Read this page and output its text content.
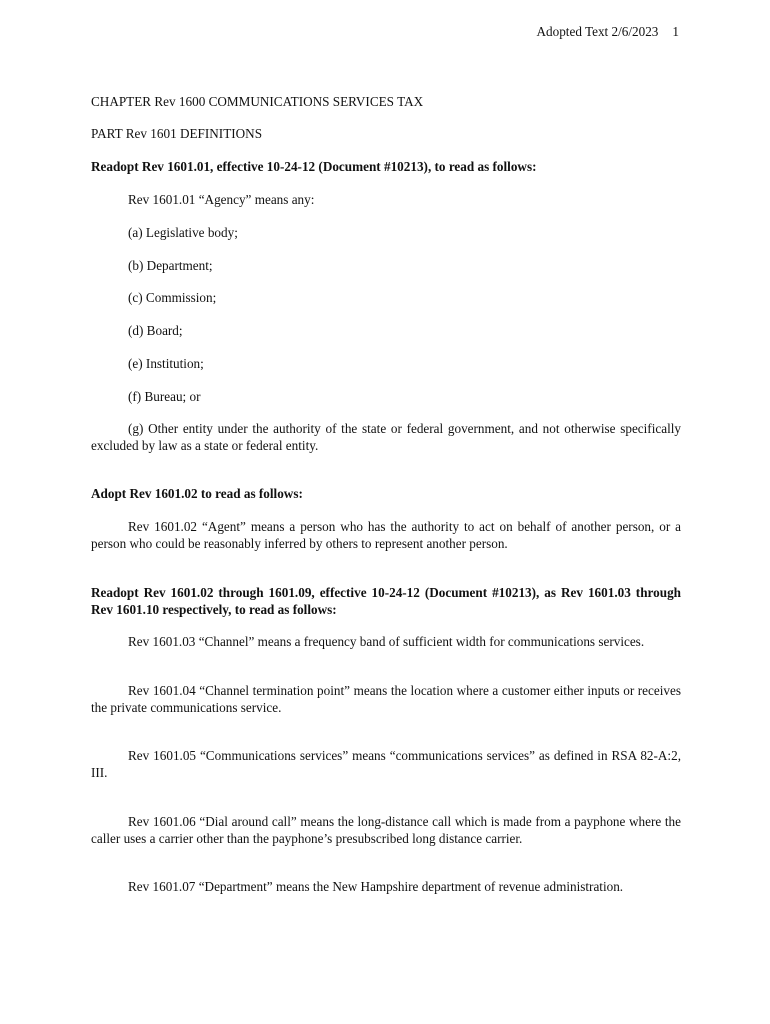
Adopted Text 2/6/2023 1
CHAPTER Rev 1600 COMMUNICATIONS SERVICES TAX
PART Rev 1601 DEFINITIONS
Readopt Rev 1601.01, effective 10-24-12 (Document #10213), to read as follows:
Rev 1601.01 “Agency” means any:
(a) Legislative body;
(b) Department;
(c) Commission;
(d) Board;
(e) Institution;
(f) Bureau; or
(g) Other entity under the authority of the state or federal government, and not otherwise specifically excluded by law as a state or federal entity.
Adopt Rev 1601.02 to read as follows:
Rev 1601.02 “Agent” means a person who has the authority to act on behalf of another person, or a person who could be reasonably inferred by others to represent another person.
Readopt Rev 1601.02 through 1601.09, effective 10-24-12 (Document #10213), as Rev 1601.03 through Rev 1601.10 respectively, to read as follows:
Rev 1601.03 “Channel” means a frequency band of sufficient width for communications services.
Rev 1601.04 “Channel termination point” means the location where a customer either inputs or receives the private communications service.
Rev 1601.05 “Communications services” means “communications services” as defined in RSA 82-A:2, III.
Rev 1601.06 “Dial around call” means the long-distance call which is made from a payphone where the caller uses a carrier other than the payphone’s presubscribed long distance carrier.
Rev 1601.07 “Department” means the New Hampshire department of revenue administration.
